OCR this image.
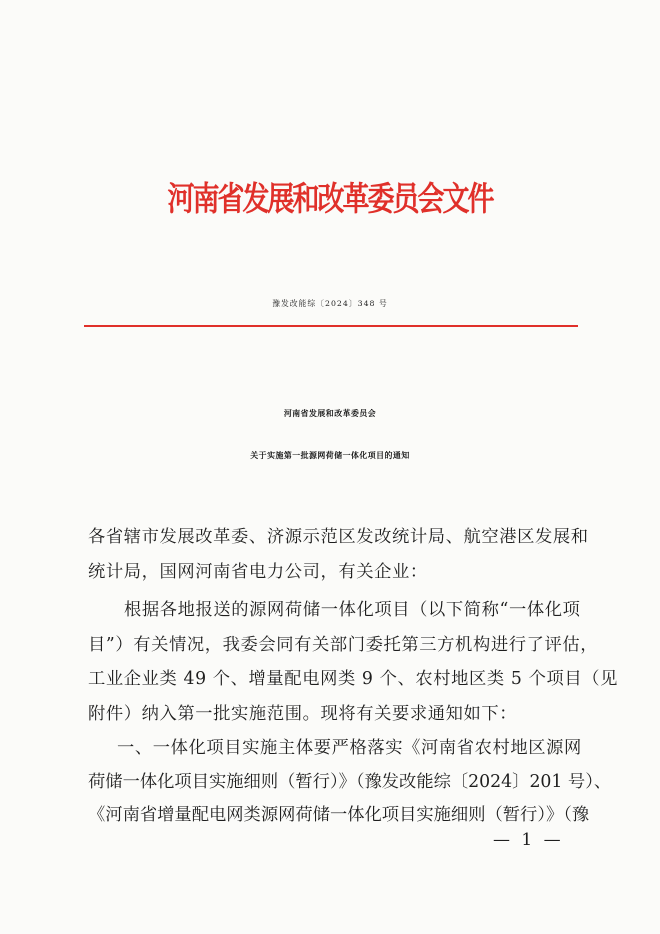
河南省发展和改革委员会文件
豫发改能综〔2024〕348 号
河南省发展和改革委员会
关于实施第一批源网荷储一体化项目的通知
各省辖市发展改革委、济源示范区发改统计局、航空港区发展和
统计局，国网河南省电力公司，有关企业：
根据各地报送的源网荷储一体化项目（以下简称“一体化项
目”）有关情况，我委会同有关部门委托第三方机构进行了评估，
工业企业类 49 个、增量配电网类 9 个、农村地区类 5 个项目（见
附件）纳入第一批实施范围。现将有关要求通知如下：
一、一体化项目实施主体要严格落实《河南省农村地区源网
荷储一体化项目实施细则（暂行）》（豫发改能综〔2024〕201 号）、
《河南省增量配电网类源网荷储一体化项目实施细则（暂行）》（豫
— 1 —
